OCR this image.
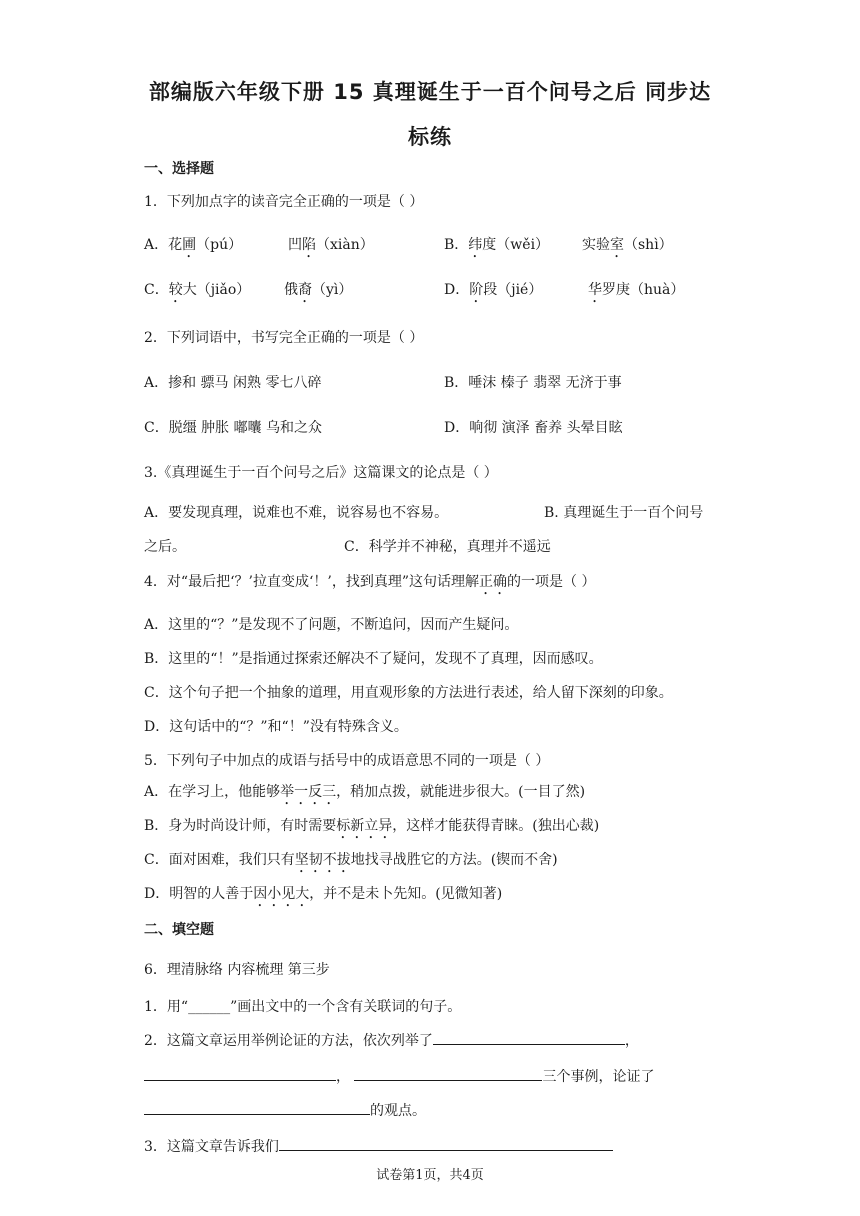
部编版六年级下册 15 真理诞生于一百个问号之后 同步达
标练
一、选择题
1．下列加点字的读音完全正确的一项是（ ）
A．花圃（pú）	凹陷（xiàn）	B．纬度（wěi） 实验室（shì）
C．较大（jiǎo） 俄裔（yì）	D．阶段（jié）	华罗庚（huà）
2．下列词语中，书写完全正确的一项是（ ）
A．掺和 骠马 闲熟 零七八碎	B．唾沫 榛子 翡翠 无济于事
C．脱缰 肿胀 嘟囔 乌和之众	D．响彻 演泽 畜养 头晕目眩
3.《真理诞生于一百个问号之后》这篇课文的论点是（ ）
A．要发现真理，说难也不难，说容易也不容易。	B. 真理诞生于一百个问号
之后。	C．科学并不神秘，真理并不遥远
4．对“最后把‘？’拉直变成‘！’，找到真理”这句话理解正确的一项是（ ）
A．这里的“？”是发现不了问题，不断追问，因而产生疑问。
B．这里的“！”是指通过探索还解决不了疑问，发现不了真理，因而感叹。
C．这个句子把一个抽象的道理，用直观形象的方法进行表述，给人留下深刻的印象。
D．这句话中的“？”和“！”没有特殊含义。
5．下列句子中加点的成语与括号中的成语意思不同的一项是（ ）
A．在学习上，他能够举一反三，稍加点拨，就能进步很大。(一目了然)
B．身为时尚设计师，有时需要标新立异，这样才能获得青睐。(独出心裁)
C．面对困难，我们只有坚韧不拔地找寻战胜它的方法。(锲而不舍)
D．明智的人善于因小见大，并不是未卜先知。(见微知著)
二、填空题
6．理清脉络 内容梳理 第三步
1．用“______”画出文中的一个含有关联词的句子。
2．这篇文章运用举例论证的方法，依次列举了	，
，	三个事例，论证了
的观点。
3．这篇文章告诉我们
试卷第1页，共4页
